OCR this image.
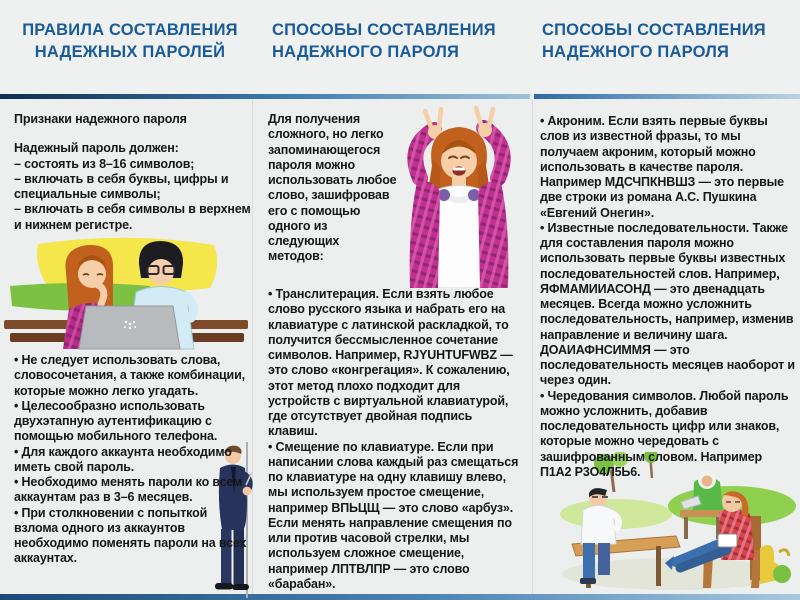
ПРАВИЛА СОСТАВЛЕНИЯ
НАДЕЖНЫХ ПАРОЛЕЙ
СПОСОБЫ СОСТАВЛЕНИЯ
НАДЕЖНОГО ПАРОЛЯ
СПОСОБЫ СОСТАВЛЕНИЯ
НАДЕЖНОГО ПАРОЛЯ

Признаки надежного пароля

Надежный пароль должен:

– состоять из 8–16 символов;

– включать в себя буквы, цифры и специальные символы;

– включать в себя символы в верхнем и нижнем регистре.

• Не следует использовать слова, словосочетания, а также комбинации, которые можно легко угадать.

• Целесообразно использовать двухэтапную аутентификацию с помощью мобильного телефона.

• Для каждого аккаунта необходимо иметь свой пароль.

• Необходимо менять пароли ко всем аккаунтам раз в 3–6 месяцев.

• При столкновении с попыткой взлома одного из аккаунтов необходимо поменять пароли на всех аккаунтах.

Для получения сложного, но легко запоминающегося пароля можно использовать любое слово, зашифровав его с помощью одного из следующих методов:

• Транслитерация. Если взять любое слово русского языка и набрать его на клавиатуре с латинской раскладкой, то получится бессмысленное сочетание символов. Например, RJYUHTUFWBZ — это слово «конгрегация». К сожалению, этот метод плохо подходит для устройств с виртуальной клавиатурой, где отсутствует двойная подпись клавиш.

• Смещение по клавиатуре. Если при написании слова каждый раз смещаться по клавиатуре на одну клавишу влево, мы используем простое смещение, например ВПЬЦЩ — это слово «арбуз». Если менять направление смещения по или против часовой стрелки, мы используем сложное смещение, например ЛПТВЛПР — это слово «барабан».

• Акроним. Если взять первые буквы слов из известной фразы, то мы получаем акроним, который можно использовать в качестве пароля. Например МДСЧПКНВШЗ — это первые две строки из романа А.С. Пушкина «Евгений Онегин».

• Известные последовательности. Также для составления пароля можно использовать первые буквы известных последовательностей слов. Например, ЯФМАМИИАСОНД — это двенадцать месяцев. Всегда можно усложнить последовательность, например, изменив направление и величину шага. ДОАИАФНСИММЯ — это последовательность месяцев наоборот и через один.

• Чередования символов. Любой пароль можно усложнить, добавив последовательность цифр или знаков, которые можно чередовать с зашифрованным словом. Например П1А2 Р3О4Л5Ь6.
